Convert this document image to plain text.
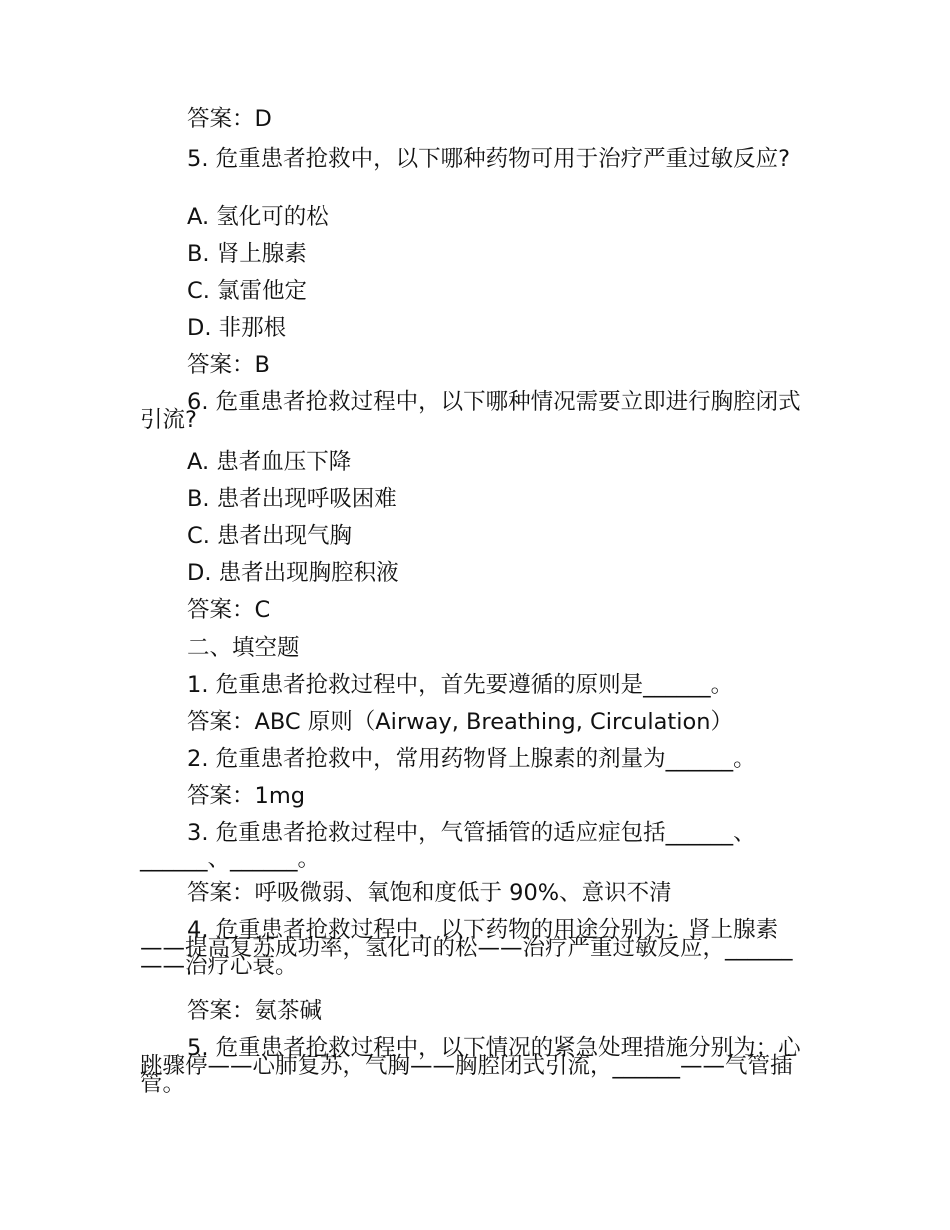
答案：D
5. 危重患者抢救中，以下哪种药物可用于治疗严重过敏反应?
A. 氢化可的松
B. 肾上腺素
C. 氯雷他定
D. 非那根
答案：B
6. 危重患者抢救过程中，以下哪种情况需要立即进行胸腔闭式引流?
A. 患者血压下降
B. 患者出现呼吸困难
C. 患者出现气胸
D. 患者出现胸腔积液
答案：C
二、填空题
1. 危重患者抢救过程中，首先要遵循的原则是______。
答案：ABC 原则（Airway, Breathing, Circulation）
2. 危重患者抢救中，常用药物肾上腺素的剂量为______。
答案：1mg
3. 危重患者抢救过程中，气管插管的适应症包括______、______、______。
答案：呼吸微弱、氧饱和度低于 90%、意识不清
4. 危重患者抢救过程中，以下药物的用途分别为：肾上腺素——提高复苏成功率，氢化可的松——治疗严重过敏反应，______——治疗心衰。
答案：氨茶碱
5. 危重患者抢救过程中，以下情况的紧急处理措施分别为：心跳骤停——心肺复苏，气胸——胸腔闭式引流，______——气管插管。
